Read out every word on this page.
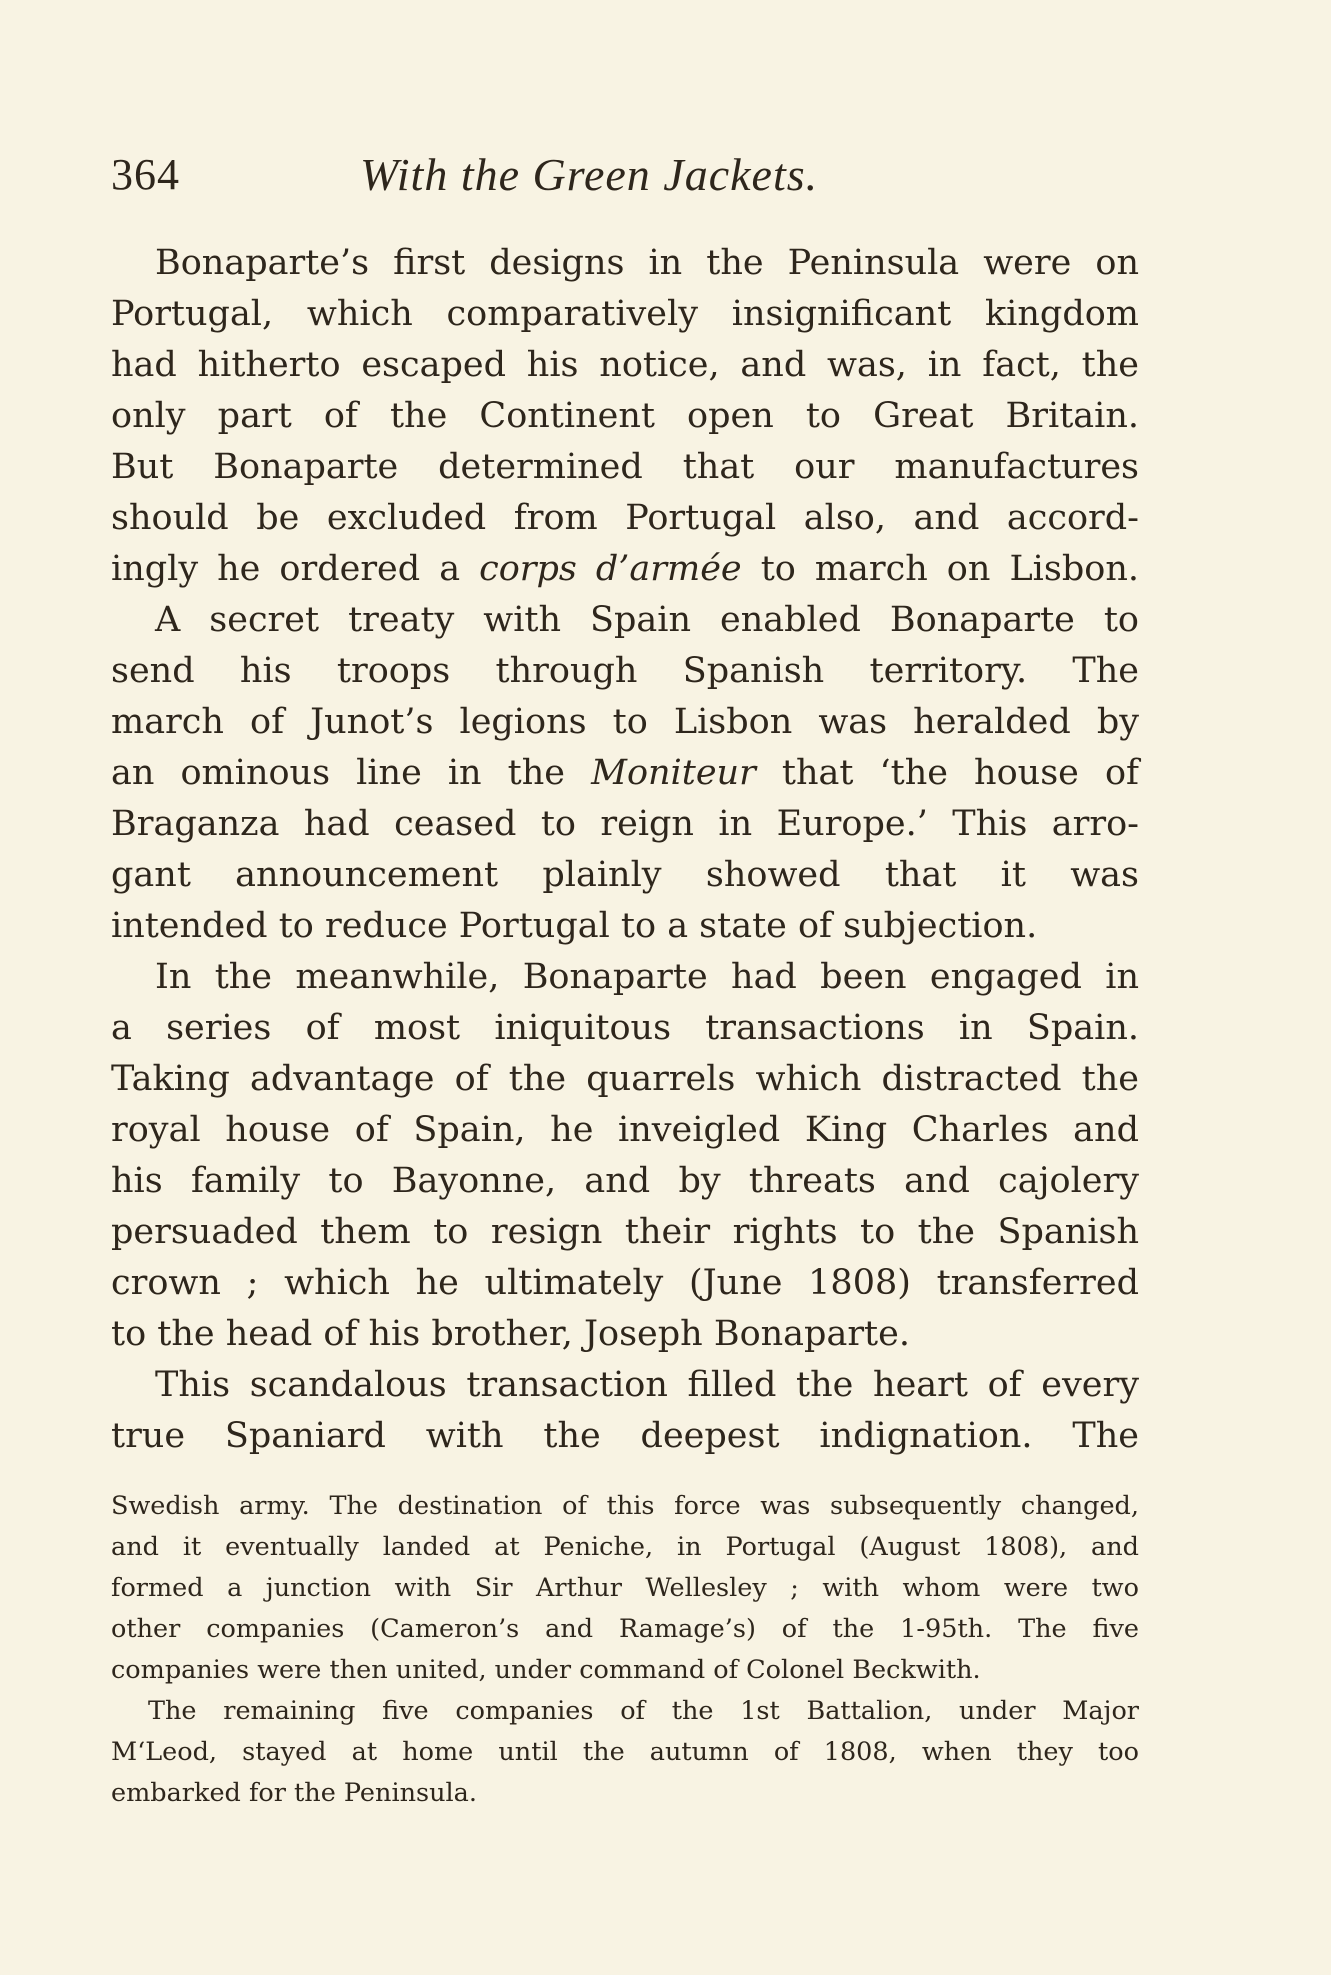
364	With the Green Jackets.
Bonaparte’s first designs in the Peninsula were on
Portugal, which comparatively insignificant kingdom
had hitherto escaped his notice, and was, in fact, the
only part of the Continent open to Great Britain.
But Bonaparte determined that our manufactures
should be excluded from Portugal also, and accord-
ingly he ordered a corps d’armée to march on Lisbon.
A secret treaty with Spain enabled Bonaparte to
send his troops through Spanish territory. The
march of Junot’s legions to Lisbon was heralded by
an ominous line in the Moniteur that ‘the house of
Braganza had ceased to reign in Europe.’ This arro-
gant announcement plainly showed that it was
intended to reduce Portugal to a state of subjection.
In the meanwhile, Bonaparte had been engaged in
a series of most iniquitous transactions in Spain.
Taking advantage of the quarrels which distracted the
royal house of Spain, he inveigled King Charles and
his family to Bayonne, and by threats and cajolery
persuaded them to resign their rights to the Spanish
crown ; which he ultimately (June 1808) transferred
to the head of his brother, Joseph Bonaparte.
This scandalous transaction filled the heart of every
true Spaniard with the deepest indignation. The
Swedish army. The destination of this force was subsequently changed,
and it eventually landed at Peniche, in Portugal (August 1808), and
formed a junction with Sir Arthur Wellesley ; with whom were two
other companies (Cameron’s and Ramage’s) of the 1-95th. The five
companies were then united, under command of Colonel Beckwith.
The remaining five companies of the 1st Battalion, under Major
M‘Leod, stayed at home until the autumn of 1808, when they too
embarked for the Peninsula.
